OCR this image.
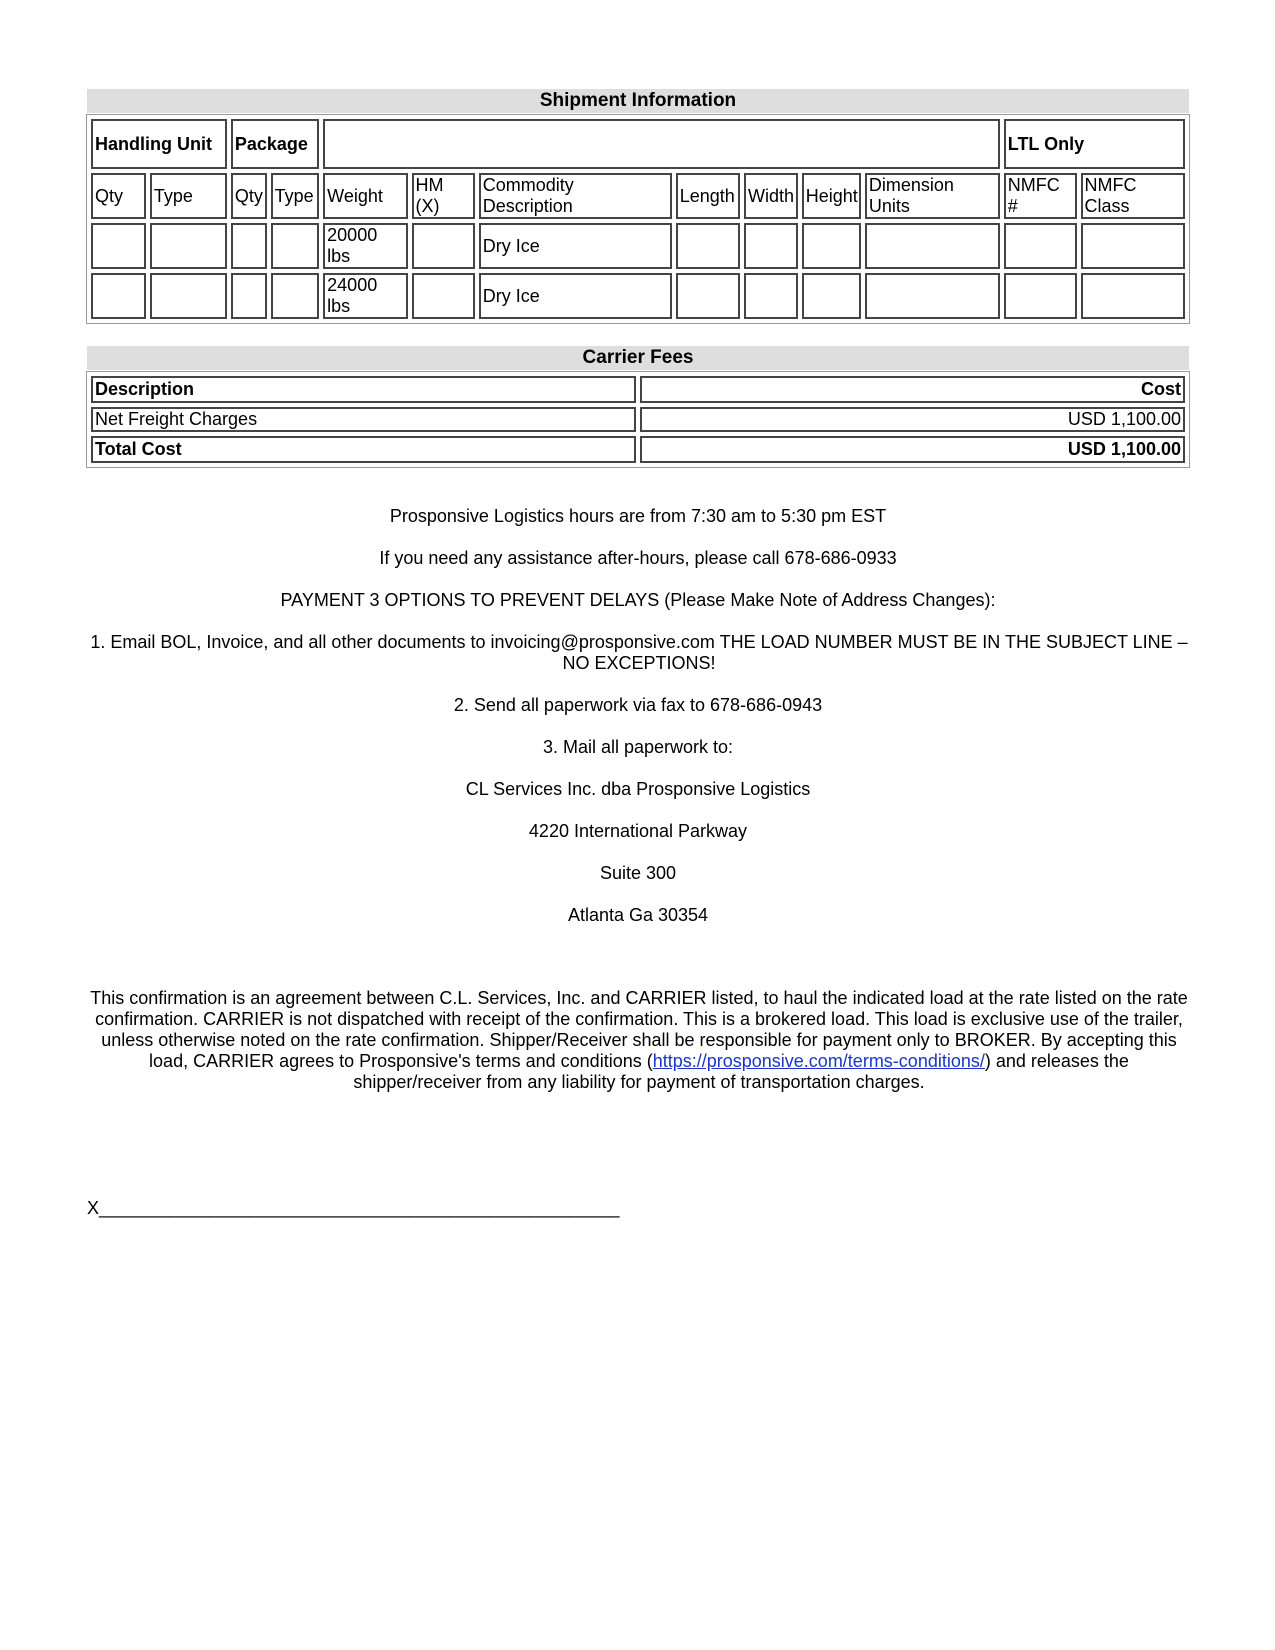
Shipment Information
Handling Unit		Package									LTL Only	
Qty	Type	Qty	Type	Weight	HM (X)	Commodity Description	Length	Width	Height	Dimension Units	NMFC #	NMFC Class
				20000 lbs		Dry Ice						
				24000 lbs		Dry Ice						
Carrier Fees
Description	Cost
Net Freight Charges	USD 1,100.00
Total Cost	USD 1,100.00
Prosponsive Logistics hours are from 7:30 am to 5:30 pm EST
If you need any assistance after-hours, please call 678-686-0933
PAYMENT 3 OPTIONS TO PREVENT DELAYS (Please Make Note of Address Changes):
1. Email BOL, Invoice, and all other documents to invoicing@prosponsive.com THE LOAD NUMBER MUST BE IN THE SUBJECT LINE – NO EXCEPTIONS!
2. Send all paperwork via fax to 678-686-0943
3. Mail all paperwork to:
CL Services Inc. dba Prosponsive Logistics
4220 International Parkway
Suite 300
Atlanta Ga 30354
This confirmation is an agreement between C.L. Services, Inc. and CARRIER listed, to haul the indicated load at the rate listed on the rate confirmation. CARRIER is not dispatched with receipt of the confirmation. This is a brokered load. This load is exclusive use of the trailer, unless otherwise noted on the rate confirmation. Shipper/Receiver shall be responsible for payment only to BROKER. By accepting this load, CARRIER agrees to Prosponsive's terms and conditions (https://prosponsive.com/terms-conditions/) and releases the shipper/receiver from any liability for payment of transportation charges.
X____________________________________________________
